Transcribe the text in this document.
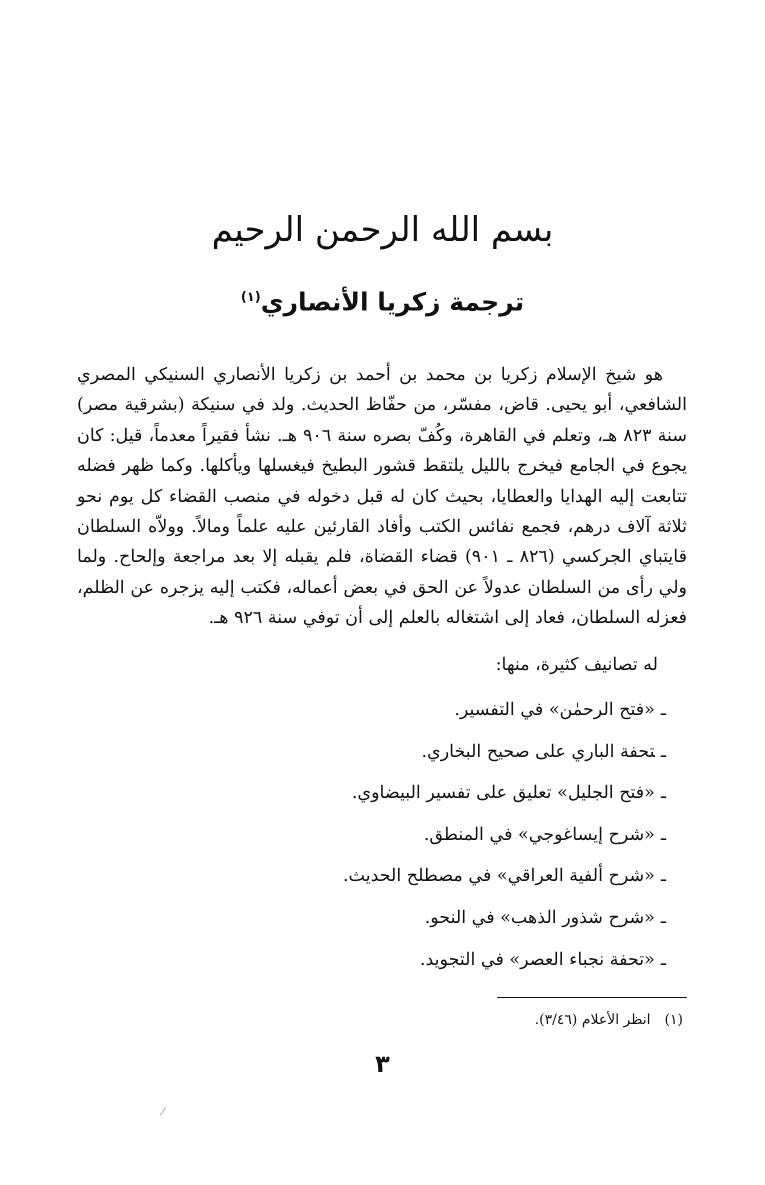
بسم الله الرحمن الرحيم
ترجمة زكريا الأنصاري$^{(١)}$

هو شيخ الإسلام زكريا بن محمد بن أحمد بن زكريا الأنصاري السنيكي المصري الشافعي، أبو يحيى. قاض، مفسّر، من حفّاظ الحديث. ولد في سنيكة (بشرقية مصر) سنة ٨٢٣ هـ، وتعلم في القاهرة، وكُفّ بصره سنة ٩٠٦ هـ. نشأ فقيراً معدماً، قيل: كان يجوع في الجامع فيخرج بالليل يلتقط قشور البطيخ فيغسلها ويأكلها. وكما ظهر فضله تتابعت إليه الهدايا والعطايا، بحيث كان له قبل دخوله في منصب القضاء كل يوم نحو ثلاثة آلاف درهم، فجمع نفائس الكتب وأفاد القارئين عليه علماً ومالاً. وولاّه السلطان قايتباي الجركسي (٨٢٦ ـ ٩٠١) قضاء القضاة، فلم يقبله إلا بعد مراجعة وإلحاح. ولما ولي رأى من السلطان عدولاً عن الحق في بعض أعماله، فكتب إليه يزجره عن الظلم، فعزله السلطان، فعاد إلى اشتغاله بالعلم إلى أن توفي سنة ٩٢٦ هـ.

له تصانيف كثيرة، منها:
ـ«فتح الرحمٰن» في التفسير.
ـتحفة الباري على صحيح البخاري.
ـ«فتح الجليل» تعليق على تفسير البيضاوي.
ـ«شرح إيساغوجي» في المنطق.
ـ«شرح ألفية العراقي» في مصطلح الحديث.
ـ«شرح شذور الذهب» في النحو.
ـ«تحفة نجباء العصر» في التجويد.
(١)انظر الأعلام (٣/٤٦).
٣
